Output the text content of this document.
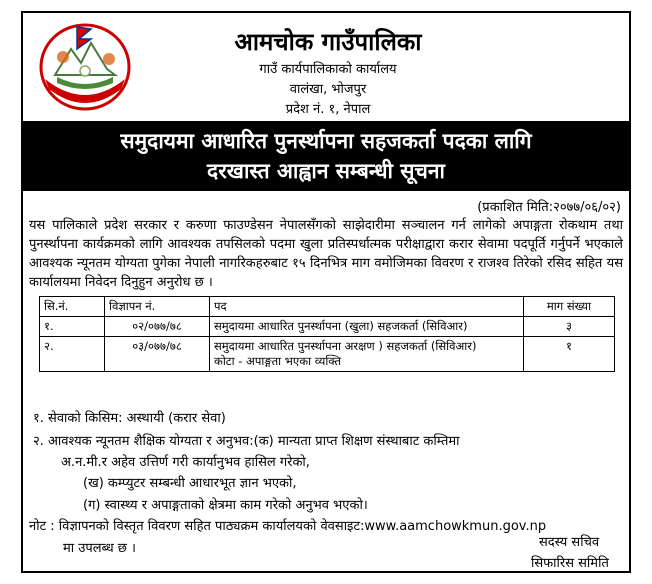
आमचोक गाउँपालिका
गाउँ कार्यपालिकाको कार्यालय
वालंखा, भोजपुर
प्रदेश नं. १, नेपाल
समुदायमा आधारित पुनर्स्थापना सहजकर्ता पदका लागि
दरखास्त आह्वान सम्बन्धी सूचना
(प्रकाशित मिति:२०७७/०६/०२)
यस पालिकाले प्रदेश सरकार र करुणा फाउण्डेसन नेपालसँगको साझेदारीमा सञ्चालन गर्न लागेको अपाङ्गता रोकथाम तथा पुनर्स्थापना कार्यक्रमको लागि आवश्यक तपसिलको पदमा खुला प्रतिस्पर्धात्मक परीक्षाद्वारा करार सेवामा पदपूर्ति गर्नुपर्ने भएकाले आवश्यक न्यूनतम योग्यता पुगेका नेपाली नागरिकहरुबाट १५ दिनभित्र माग वमोजिमका विवरण र राजश्व तिरेको रसिद सहित यस कार्यालयमा निवेदन दिनुहुन अनुरोध छ ।
सि.नं.	विज्ञापन नं.	पद	माग संख्या
१.	०२/०७७/७८	समुदायमा आधारित पुनर्स्थापना (खुला) सहजकर्ता (सिविआर)	३
२.	०३/०७७/७८	समुदायमा आधारित पुनर्स्थापना अरक्षण ) सहजकर्ता (सिविआर)
कोटा - अपाङ्गता भएका व्यक्ति	१
१. सेवाको किसिम: अस्थायी (करार सेवा)
२. आवश्यक न्यूनतम शैक्षिक योग्यता र अनुभव:(क) मान्यता प्राप्त शिक्षण संस्थाबाट कम्तिमा
अ.न.मी.र अहेव उत्तिर्ण गरी कार्यानुभव हासिल गरेको,
(ख) कम्प्युटर सम्बन्धी आधारभूत ज्ञान भएको,
(ग) स्वास्थ्य र अपाङ्गताको क्षेत्रमा काम गरेको अनुभव भएको।
नोट : विज्ञापनको विस्तृत विवरण सहित पाठ्यक्रम कार्यालयको वेवसाइट:www.aamchowkmun.gov.np
मा उपलब्ध छ ।	सदस्य सचिव
सिफारिस समिति
